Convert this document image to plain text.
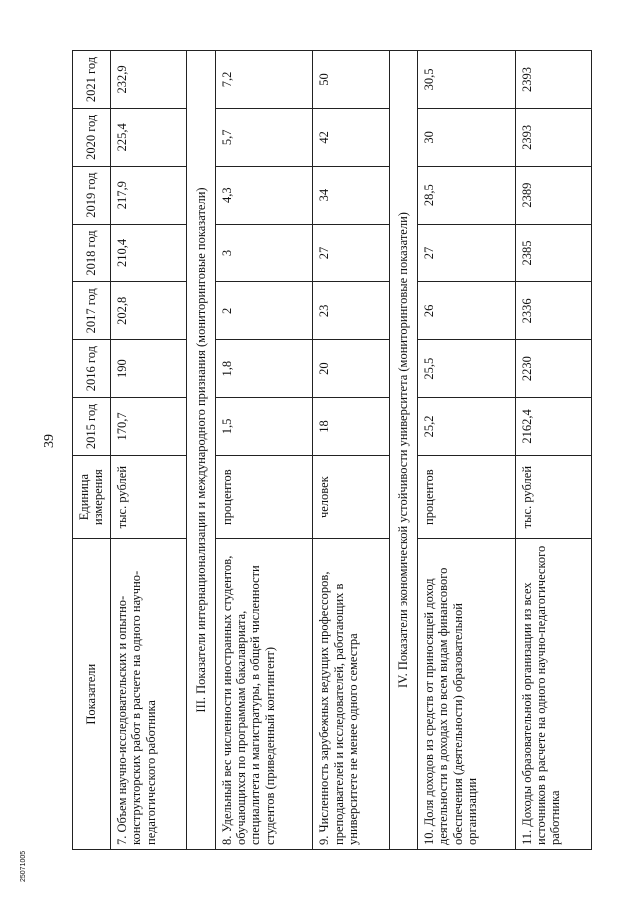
39
Показатели	Единица измерения	2015 год	2016 год	2017 год	2018 год	2019 год	2020 год	2021 год
7. Объем научно-исследовательских и опытно-конструкторских работ в расчете на одного научно-педагогического работника	тыс. рублей	170,7	190	202,8	210,4	217,9	225,4	232,9
III. Показатели интернационализации и международного признания (мониторинговые показатели)								
8. Удельный вес численности иностранных студентов, обучающихся по программам бакалавриата, специалитета и магистратуры, в общей численности студентов (приведенный контингент)	процентов	1,5	1,8	2	3	4,3	5,7	7,2
9. Численность зарубежных ведущих профессоров, преподавателей и исследователей, работающих в университете не менее одного семестра	человек	18	20	23	27	34	42	50
IV. Показатели экономической устойчивости университета (мониторинговые показатели)								
10. Доля доходов из средств от приносящей доход деятельности в доходах по всем видам финансового обеспечения (деятельности) образовательной организации	процентов	25,2	25,5	26	27	28,5	30	30,5
11. Доходы образовательной организации из всех источников в расчете на одного научно-педагогического работника	тыс. рублей	2162,4	2230	2336	2385	2389	2393	2393
25071005
